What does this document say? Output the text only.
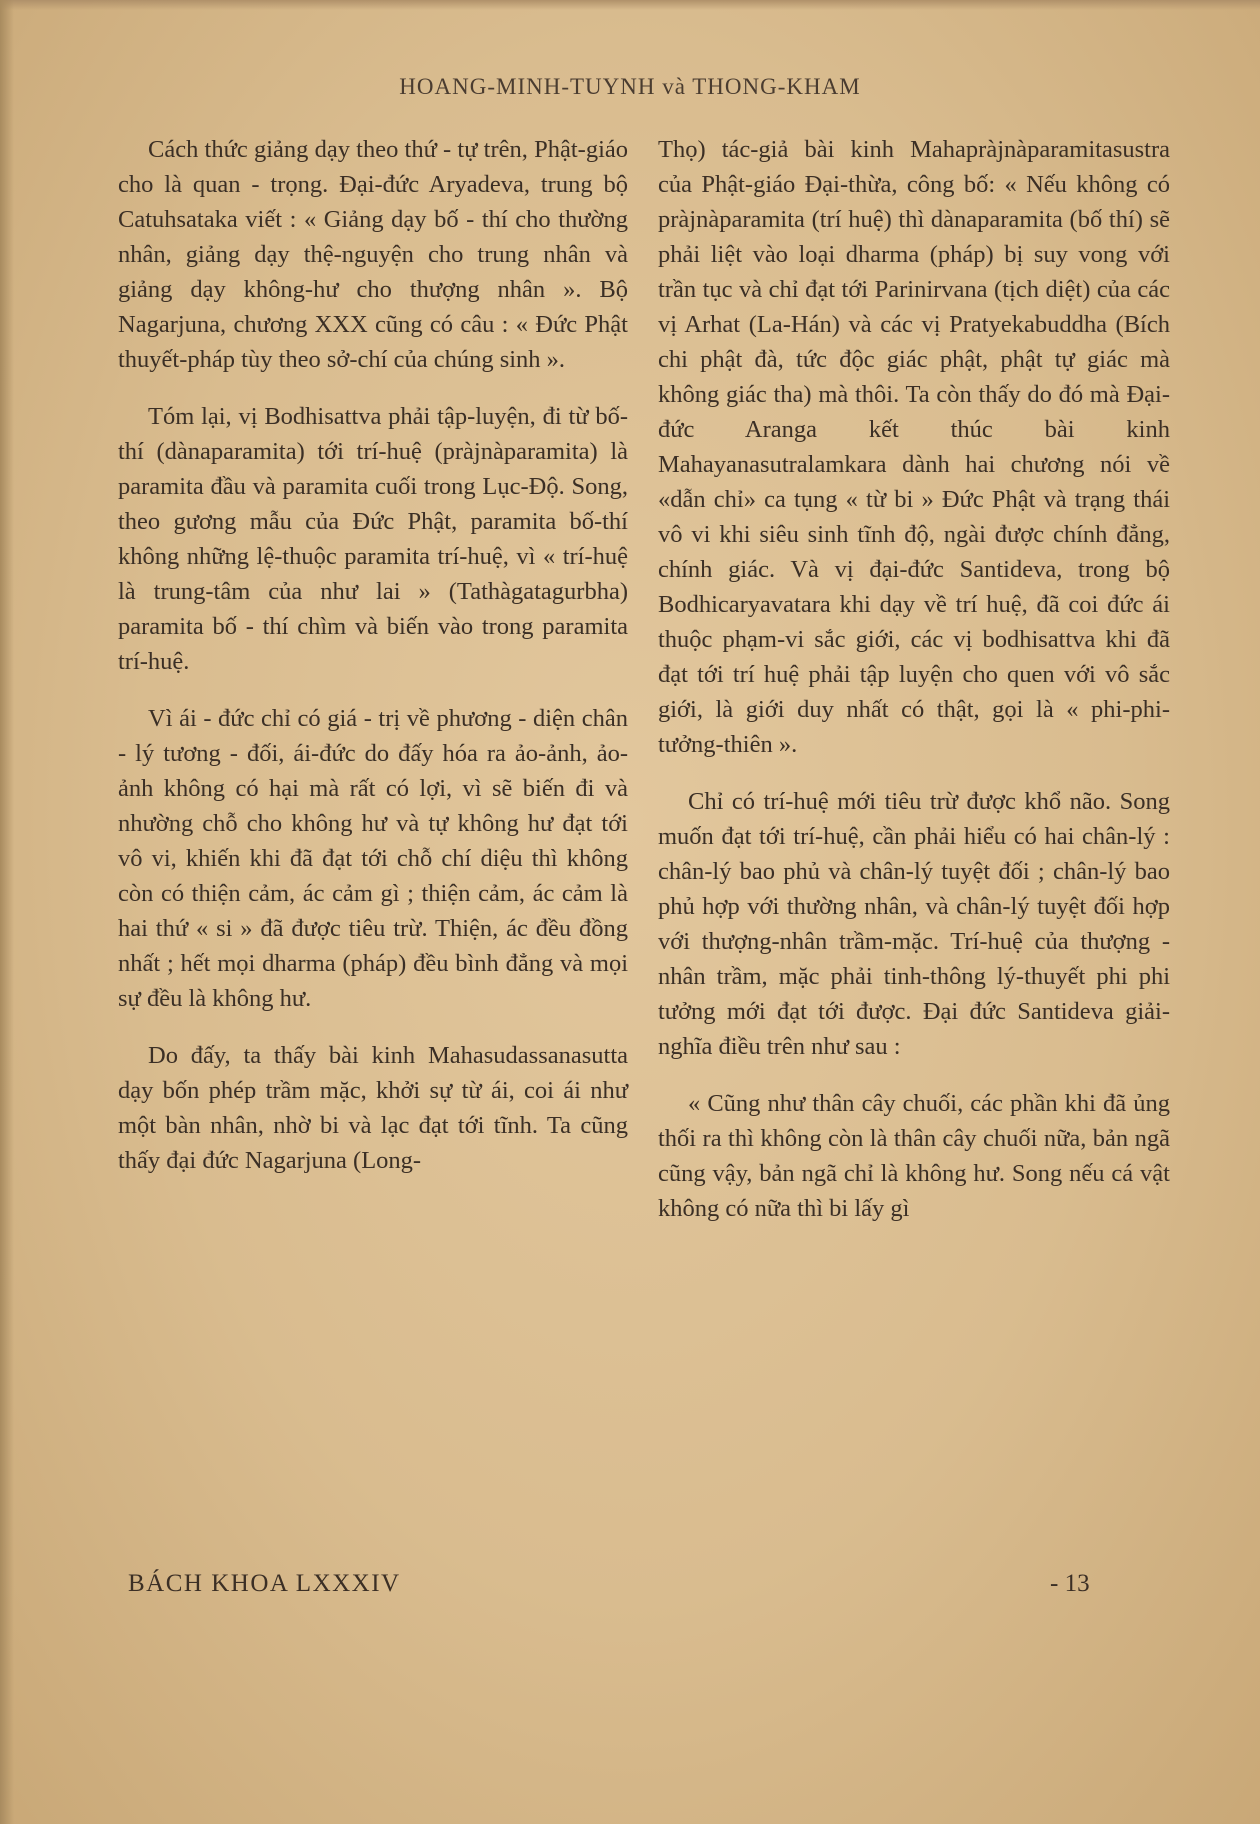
HOANG-MINH-TUYNH và THONG-KHAM

Cách thức giảng dạy theo thứ - tự trên, Phật-giáo cho là quan - trọng. Đại-đức Aryadeva, trung bộ Catuhsataka viết : « Giảng dạy bố - thí cho thường nhân, giảng dạy thệ-nguyện cho trung nhân và giảng dạy không-hư cho thượng nhân ». Bộ Nagarjuna, chương XXX cũng có câu : « Đức Phật thuyết-pháp tùy theo sở-chí của chúng sinh ».

Tóm lại, vị Bodhisattva phải tập-luyện, đi từ bố-thí (dànaparamita) tới trí-huệ (pràjnàparamita) là paramita đầu và paramita cuối trong Lục-Độ. Song, theo gương mẫu của Đức Phật, paramita bố-thí không những lệ-thuộc paramita trí-huệ, vì « trí-huệ là trung-tâm của như lai » (Tathàgatagurbha) paramita bố - thí chìm và biến vào trong paramita trí-huệ.

Vì ái - đức chỉ có giá - trị về phương - diện chân - lý tương - đối, ái-đức do đấy hóa ra ảo-ảnh, ảo-ảnh không có hại mà rất có lợi, vì sẽ biến đi và nhường chỗ cho không hư và tự không hư đạt tới vô vi, khiến khi đã đạt tới chỗ chí diệu thì không còn có thiện cảm, ác cảm gì ; thiện cảm, ác cảm là hai thứ « si » đã được tiêu trừ. Thiện, ác đều đồng nhất ; hết mọi dharma (pháp) đều bình đẳng và mọi sự đều là không hư.

Do đấy, ta thấy bài kinh Mahasudassanasutta dạy bốn phép trầm mặc, khởi sự từ ái, coi ái như một bàn nhân, nhờ bi và lạc đạt tới tĩnh. Ta cũng thấy đại đức Nagarjuna (Long-

Thọ) tác-giả bài kinh Mahapràjnàparamitasustra của Phật-giáo Đại-thừa, công bố: « Nếu không có pràjnàparamita (trí huệ) thì dànaparamita (bố thí) sẽ phải liệt vào loại dharma (pháp) bị suy vong với trần tục và chỉ đạt tới Parinirvana (tịch diệt) của các vị Arhat (La-Hán) và các vị Pratyekabuddha (Bích chi phật đà, tức độc giác phật, phật tự giác mà không giác tha) mà thôi. Ta còn thấy do đó mà Đại-đức Aranga kết thúc bài kinh Mahayanasutralamkara dành hai chương nói về «dẫn chỉ» ca tụng « từ bi » Đức Phật và trạng thái vô vi khi siêu sinh tĩnh độ, ngài được chính đẳng, chính giác. Và vị đại-đức Santideva, trong bộ Bodhicaryavatara khi dạy về trí huệ, đã coi đức ái thuộc phạm-vi sắc giới, các vị bodhisattva khi đã đạt tới trí huệ phải tập luyện cho quen với vô sắc giới, là giới duy nhất có thật, gọi là « phi-phi-tưởng-thiên ».

Chỉ có trí-huệ mới tiêu trừ được khổ não. Song muốn đạt tới trí-huệ, cần phải hiểu có hai chân-lý : chân-lý bao phủ và chân-lý tuyệt đối ; chân-lý bao phủ hợp với thường nhân, và chân-lý tuyệt đối hợp với thượng-nhân trầm-mặc. Trí-huệ của thượng - nhân trầm, mặc phải tinh-thông lý-thuyết phi phi tưởng mới đạt tới được. Đại đức Santideva giải-nghĩa điều trên như sau :

« Cũng như thân cây chuối, các phần khi đã ủng thối ra thì không còn là thân cây chuối nữa, bản ngã cũng vậy, bản ngã chỉ là không hư. Song nếu cá vật không có nữa thì bi lấy gì

BÁCH KHOA LXXXIV	- 13
